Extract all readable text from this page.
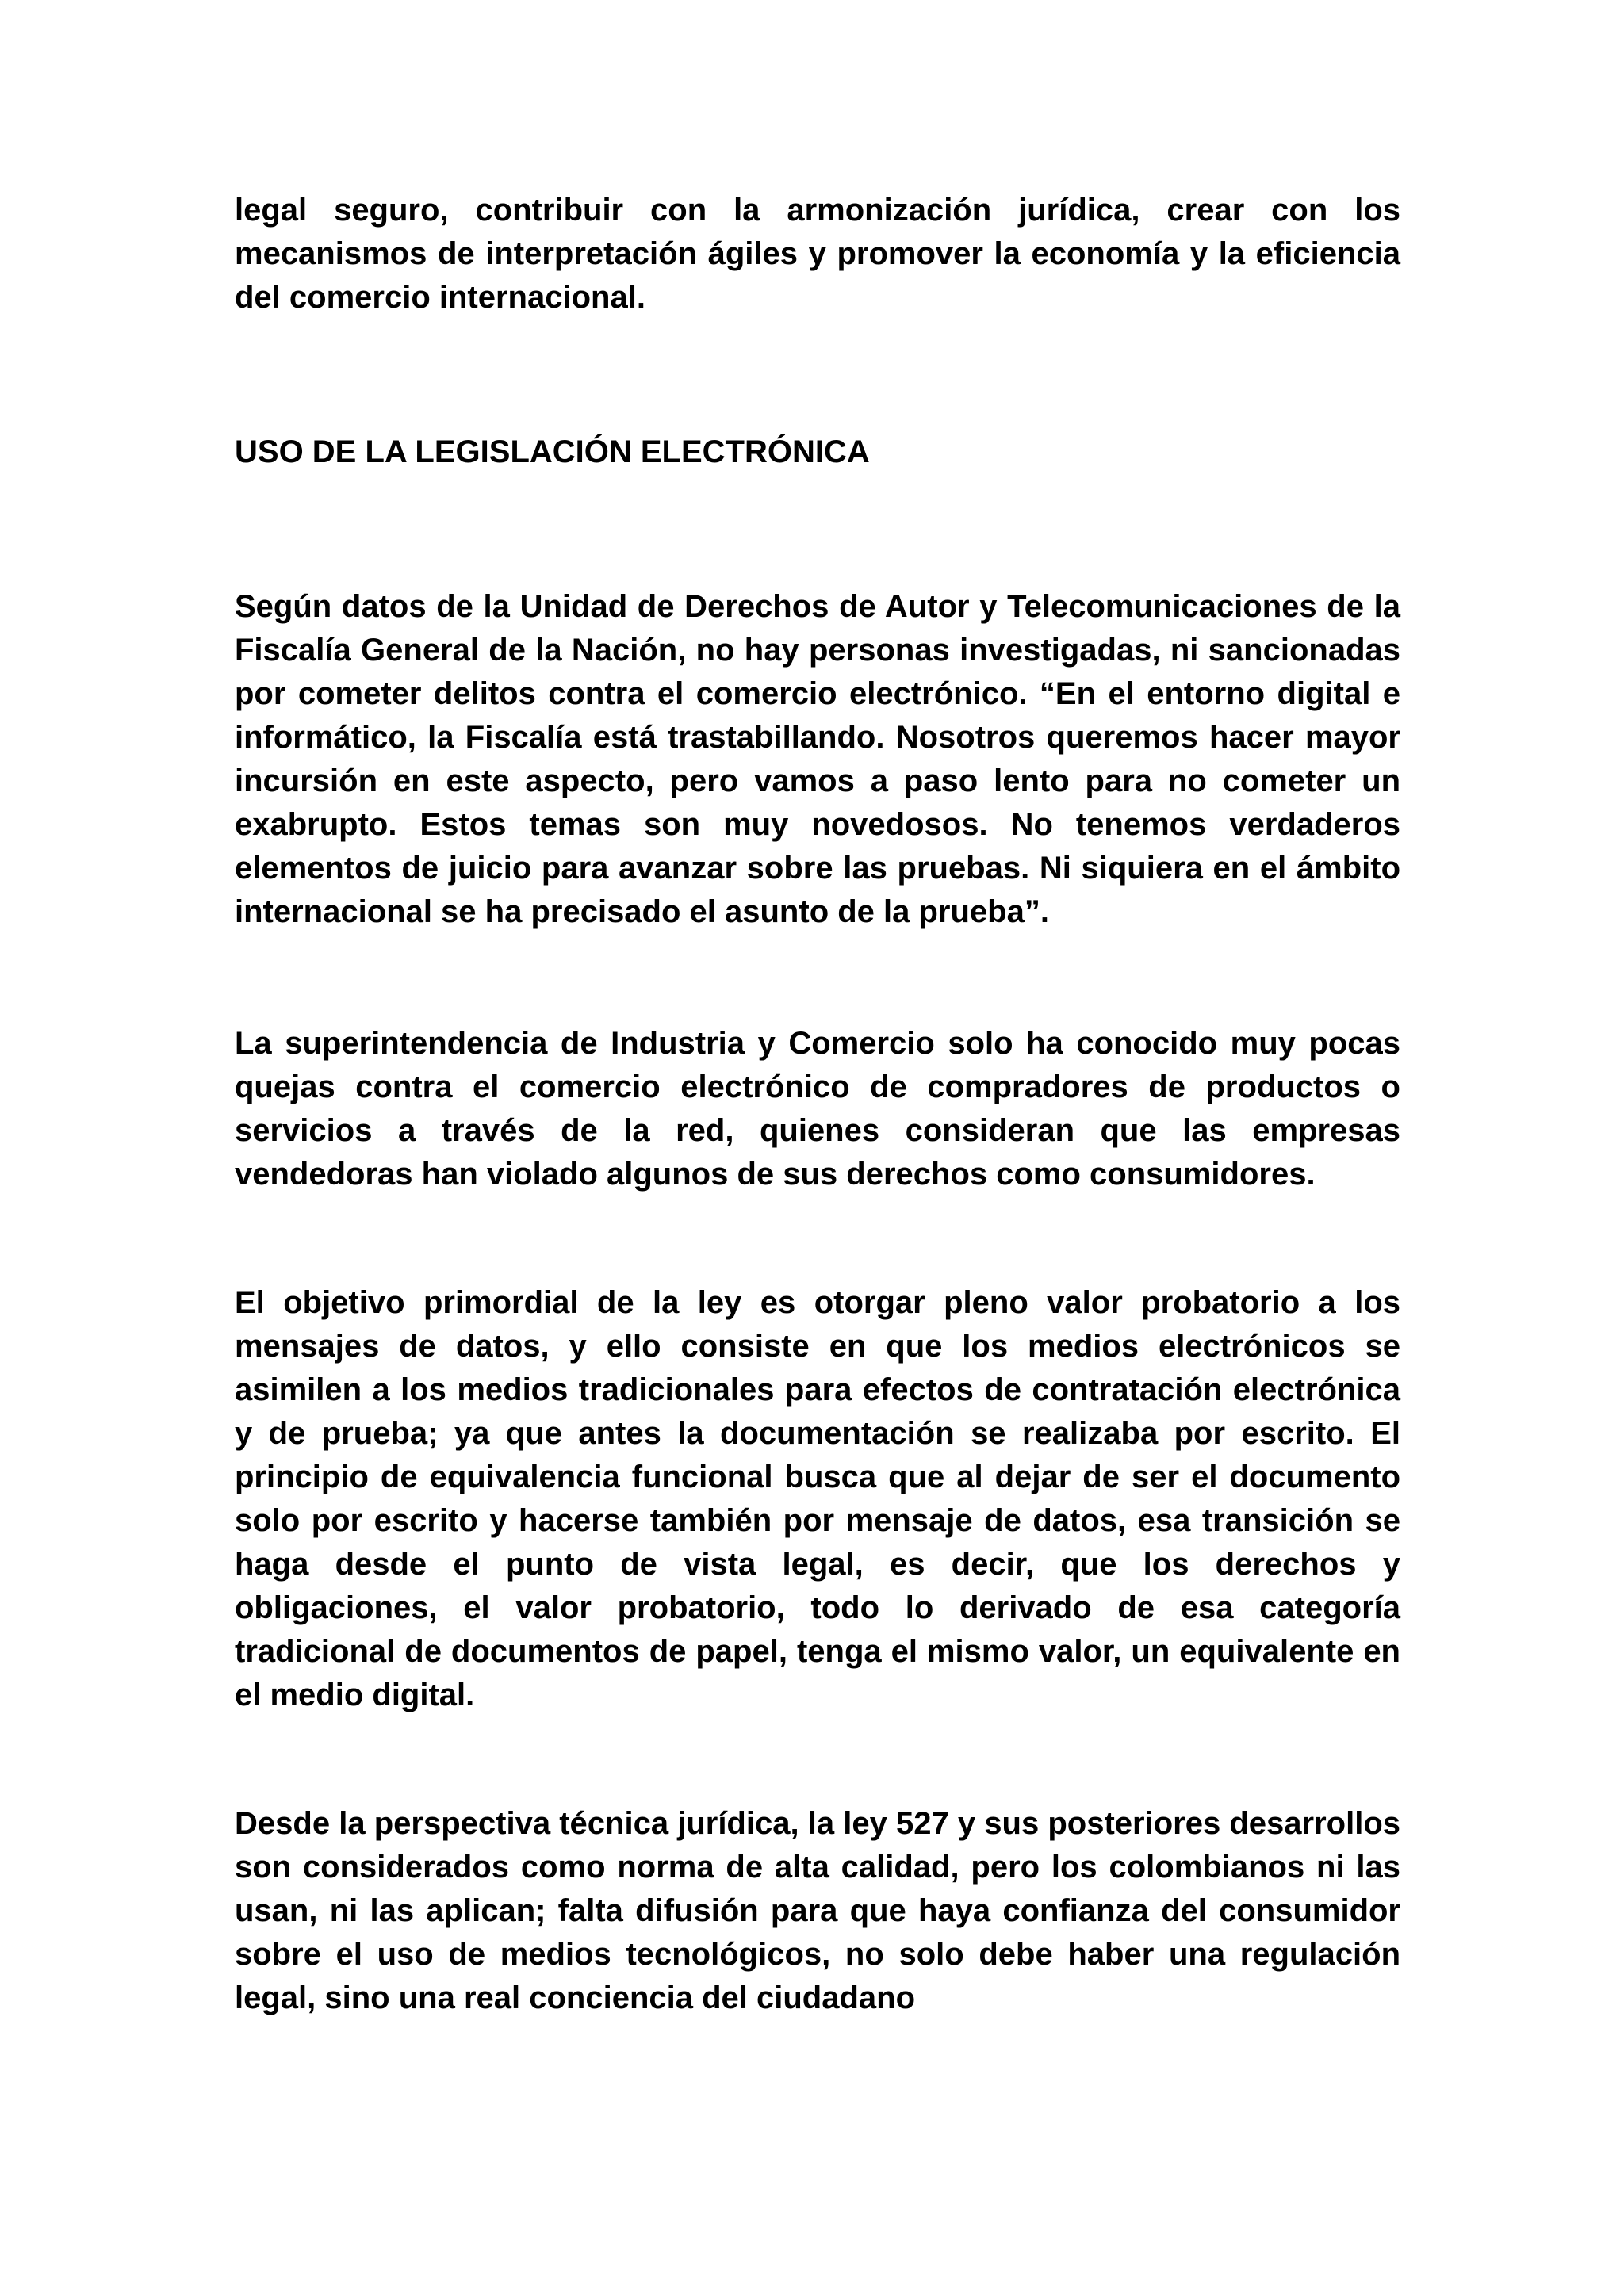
legal seguro, contribuir con la armonización jurídica, crear con los mecanismos de interpretación ágiles y promover la economía y la eficiencia del comercio internacional.

USO DE LA LEGISLACIÓN ELECTRÓNICA

Según datos de la Unidad de Derechos de Autor y Telecomunicaciones de la Fiscalía General de la Nación, no hay personas investigadas, ni sancionadas por cometer delitos contra el comercio electrónico. “En el entorno digital e informático, la Fiscalía está trastabillando. Nosotros queremos hacer mayor incursión en este aspecto, pero vamos a paso lento para no cometer un exabrupto. Estos temas son muy novedosos. No tenemos verdaderos elementos de juicio para avanzar sobre las pruebas. Ni siquiera en el ámbito internacional se ha precisado el asunto de la prueba”.

La superintendencia de Industria y Comercio solo ha conocido muy pocas quejas contra el comercio electrónico de compradores de productos o servicios a través de la red, quienes consideran que las empresas vendedoras han violado algunos de sus derechos como consumidores.

El objetivo primordial de la ley es otorgar pleno valor probatorio a los mensajes de datos, y ello consiste en que los medios electrónicos se asimilen a los medios tradicionales para efectos de contratación electrónica y de prueba; ya que antes la documentación se realizaba por escrito. El principio de equivalencia funcional busca que al dejar de ser el documento solo por escrito y hacerse también por mensaje de datos, esa transición se haga desde el punto de vista legal, es decir, que los derechos y obligaciones, el valor probatorio, todo lo derivado de esa categoría tradicional de documentos de papel, tenga el mismo valor, un equivalente en el medio digital.

Desde la perspectiva técnica jurídica, la ley 527 y sus posteriores desarrollos son considerados como norma de alta calidad, pero los colombianos ni las usan, ni las aplican; falta difusión para que haya confianza del consumidor sobre el uso de medios tecnológicos, no solo debe haber una regulación legal, sino una real conciencia del ciudadano
